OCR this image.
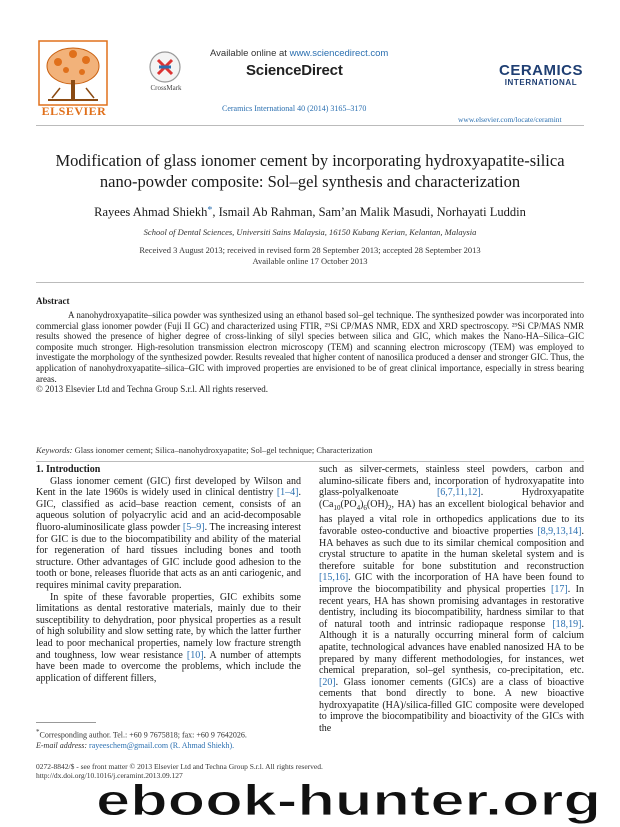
ELSEVIER
CrossMark
Available online at www.sciencedirect.com
ScienceDirect
Ceramics International 40 (2014) 3165–3170
CERAMICS
INTERNATIONAL
www.elsevier.com/locate/ceramint
Modification of glass ionomer cement by incorporating hydroxyapatite-silica nano-powder composite: Sol–gel synthesis and characterization
Rayees Ahmad Shiekh*, Ismail Ab Rahman, Sam’an Malik Masudi, Norhayati Luddin
School of Dental Sciences, Universiti Sains Malaysia, 16150 Kubang Kerian, Kelantan, Malaysia
Received 3 August 2013; received in revised form 28 September 2013; accepted 28 September 2013
Available online 17 October 2013
Abstract

A nanohydroxyapatite–silica powder was synthesized using an ethanol based sol–gel technique. The synthesized powder was incorporated into commercial glass ionomer powder (Fuji II GC) and characterized using FTIR, ²⁹Si CP/MAS NMR, EDX and XRD spectroscopy. ²⁹Si CP/MAS NMR results showed the presence of higher degree of cross-linking of silyl species between silica and GIC, which makes the Nano-HA–Silica–GIC composite much stronger. High-resolution transmission electron microscopy (TEM) and scanning electron microscopy (TEM) was employed to investigate the morphology of the synthesized powder. Results revealed that higher content of nanosilica produced a denser and stronger GIC. Thus, the application of nanohydroxyapatite–silica–GIC with improved properties are envisioned to be of great clinical importance, especially in stress bearing areas.

© 2013 Elsevier Ltd and Techna Group S.r.l. All rights reserved.

Keywords: Glass ionomer cement; Silica–nanohydroxyapatite; Sol–gel technique; Characterization

1. Introduction

Glass ionomer cement (GIC) first developed by Wilson and Kent in the late 1960s is widely used in clinical dentistry [1–4]. GIC, classified as acid–base reaction cement, consists of an aqueous solution of polyacrylic acid and an acid-decomposable fluoro-aluminosilicate glass powder [5–9]. The increasing interest for GIC is due to the biocompatibility and ability of the material for regeneration of hard tissues including bones and tooth structure. Other advantages of GIC include good adhesion to the tooth or bone, releases fluoride that acts as an anti cariogenic, and requires minimal cavity preparation.

In spite of these favorable properties, GIC exhibits some limitations as dental restorative materials, mainly due to their susceptibility to dehydration, poor physical properties as a result of high solubility and slow setting rate, by which the latter further lead to poor mechanical properties, namely low fracture strength and toughness, low wear resistance [10]. A number of attempts have been made to overcome the problems, which include the application of different fillers,

such as silver-cermets, stainless steel powders, carbon and alumino-silicate fibers and, incorporation of hydroxyapatite into glass-polyalkenoate [6,7,11,12]. Hydroxyapatite ($Ca_{10}(PO_4)_6(OH)_2$, HA) has an excellent biological behavior and has played a vital role in orthopedics applications due to its favorable osteo-conductive and bioactive properties [8,9,13,14]. HA behaves as such due to its similar chemical composition and crystal structure to apatite in the human skeletal system and is therefore suitable for bone substitution and reconstruction [15,16]. GIC with the incorporation of HA have been found to improve the biocompatibility and physical properties [17]. In recent years, HA has shown promising advantages in restorative dentistry, including its biocompatibility, hardness similar to that of natural tooth and intrinsic radiopaque response [18,19]. Although it is a naturally occurring mineral form of calcium apatite, technological advances have enabled nanosized HA to be prepared by many different methodologies, for instances, wet chemical preparation, sol–gel synthesis, co-precipitation, etc. [20]. Glass ionomer cements (GICs) are a class of bioactive cements that bond directly to bone. A new bioactive hydroxyapatite (HA)/silica-filled GIC composite were developed to improve the biocompatibility and bioactivity of the GICs with the

*Corresponding author. Tel.: +60 9 7675818; fax: +60 9 7642026.
E-mail address: rayeeschem@gmail.com (R. Ahmad Shiekh).
0272-8842/$ - see front matter © 2013 Elsevier Ltd and Techna Group S.r.l. All rights reserved.
http://dx.doi.org/10.1016/j.ceramint.2013.09.127
ebook-hunter.org
